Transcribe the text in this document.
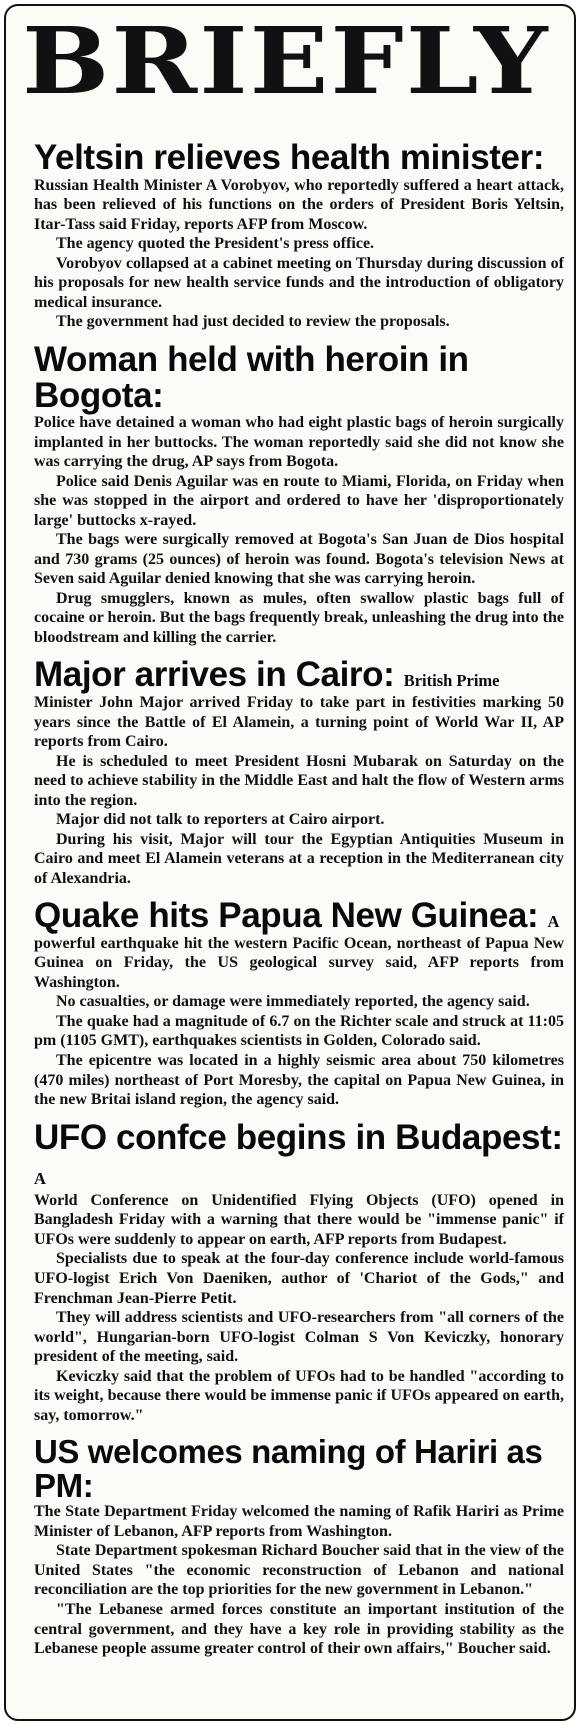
BRIEFLY
Yeltsin relieves health minister:

Russian Health Minister A Vorobyov, who reportedly suffered a heart attack, has been relieved of his functions on the orders of President Boris Yeltsin, Itar-Tass said Friday, reports AFP from Moscow.

The agency quoted the President's press office.

Vorobyov collapsed at a cabinet meeting on Thursday during discussion of his proposals for new health service funds and the introduction of obligatory medical insurance.

The government had just decided to review the proposals.

Woman held with heroin in Bogota:

Police have detained a woman who had eight plastic bags of heroin surgically implanted in her buttocks. The woman reportedly said she did not know she was carrying the drug, AP says from Bogota.

Police said Denis Aguilar was en route to Miami, Florida, on Friday when she was stopped in the airport and ordered to have her 'disproportionately large' buttocks x-rayed.

The bags were surgically removed at Bogota's San Juan de Dios hospital and 730 grams (25 ounces) of heroin was found. Bogota's television News at Seven said Aguilar denied knowing that she was carrying heroin.

Drug smugglers, known as mules, often swallow plastic bags full of cocaine or heroin. But the bags frequently break, unleashing the drug into the bloodstream and killing the carrier.

Major arrives in Cairo: British Prime

Minister John Major arrived Friday to take part in festivities marking 50 years since the Battle of El Alamein, a turning point of World War II, AP reports from Cairo.

He is scheduled to meet President Hosni Mubarak on Saturday on the need to achieve stability in the Middle East and halt the flow of Western arms into the region.

Major did not talk to reporters at Cairo airport.

During his visit, Major will tour the Egyptian Antiquities Museum in Cairo and meet El Alamein veterans at a reception in the Mediterranean city of Alexandria.

Quake hits Papua New Guinea: A

powerful earthquake hit the western Pacific Ocean, northeast of Papua New Guinea on Friday, the US geological survey said, AFP reports from Washington.

No casualties, or damage were immediately reported, the agency said.

The quake had a magnitude of 6.7 on the Richter scale and struck at 11:05 pm (1105 GMT), earthquakes scientists in Golden, Colorado said.

The epicentre was located in a highly seismic area about 750 kilometres (470 miles) northeast of Port Moresby, the capital on Papua New Guinea, in the new Britai island region, the agency said.

UFO confce begins in Budapest: A

World Conference on Unidentified Flying Objects (UFO) opened in Bangladesh Friday with a warning that there would be "immense panic" if UFOs were suddenly to appear on earth, AFP reports from Budapest.

Specialists due to speak at the four-day conference include world-famous UFO-logist Erich Von Daeniken, author of 'Chariot of the Gods," and Frenchman Jean-Pierre Petit.

They will address scientists and UFO-researchers from "all corners of the world", Hungarian-born UFO-logist Colman S Von Keviczky, honorary president of the meeting, said.

Keviczky said that the problem of UFOs had to be handled "according to its weight, because there would be immense panic if UFOs appeared on earth, say, tomorrow."

US welcomes naming of Hariri as PM:

The State Department Friday welcomed the naming of Rafik Hariri as Prime Minister of Lebanon, AFP reports from Washington.

State Department spokesman Richard Boucher said that in the view of the United States "the economic reconstruction of Lebanon and national reconciliation are the top priorities for the new government in Lebanon."

"The Lebanese armed forces constitute an important institution of the central government, and they have a key role in providing stability as the Lebanese people assume greater control of their own affairs," Boucher said.
